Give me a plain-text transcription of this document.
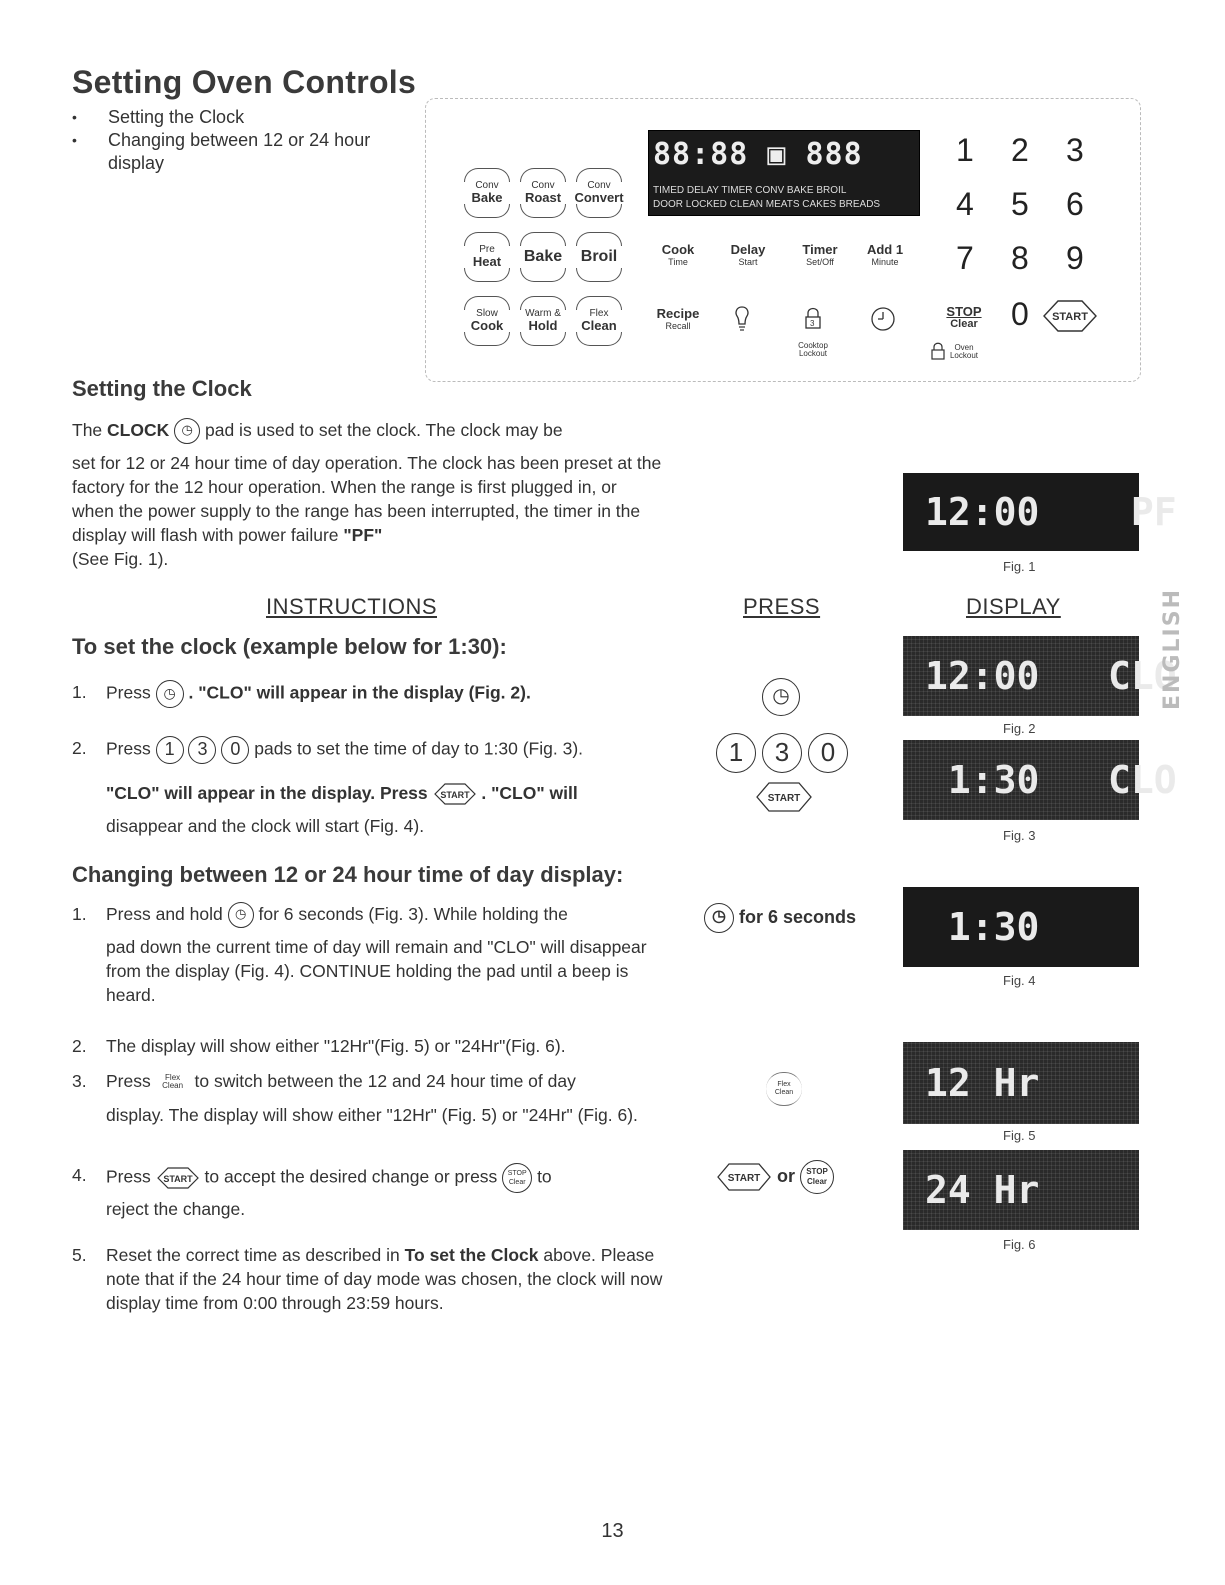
Setting Oven Controls
• Setting the Clock
• Changing between 12 or 24 hour display
Conv
Bake
Conv
Roast
Conv
Convert
Pre
Heat	Bake	Broil
Slow
Cook
Warm &
Hold
Flex
Clean
88:88 ▣ 888
TIMED DELAY TIMER CONV BAKE BROIL
DOOR LOCKED CLEAN MEATS CAKES BREADS
Cook
Time
Delay
Start
Timer
Set/Off
Add 1
Minute
Recipe
Recall	3
Cooktop Lockout
STOP
Clear
Oven Lockout
1 2 3
4 5 6
7 8 9
0 START
Setting the Clock
The CLOCK ◷ pad is used to set the clock. The clock may be
set for 12 or 24 hour time of day operation. The clock has been preset at the factory for the 12 hour operation. When the range is first plugged in, or when the power supply to the range has been interrupted, the timer in the display will flash with power failure "PF"
(See Fig. 1).
INSTRUCTIONS	PRESS	DISPLAY
To set the clock (example below for 1:30):
1. Press ◷ . "CLO" will appear in the display (Fig. 2).
2. Press 1 3 0 pads to set the time of day to 1:30 (Fig. 3).
"CLO" will appear in the display. Press START . "CLO" will
disappear and the clock will start (Fig. 4).
Changing between 12 or 24 hour time of day display:
1. Press and hold ◷ for 6 seconds (Fig. 3). While holding the
pad down the current time of day will remain and "CLO" will disappear from the display (Fig. 4). CONTINUE holding the pad until a beep is heard.
2. The display will show either "12Hr"(Fig. 5) or "24Hr"(Fig. 6).
3. Press Flex
Clean to switch between the 12 and 24 hour time of day
display. The display will show either "12Hr" (Fig. 5) or "24Hr" (Fig. 6).
4. Press START to accept the desired change or press STOP
Clear to
reject the change.
5. Reset the correct time as described in To set the Clock above. Please note that if the 24 hour time of day mode was chosen, the clock will now display time from 0:00 through 23:59 hours.
◷
1	3	0
START
◷ for 6 seconds
Flex
Clean
START or STOP
Clear
12:00    PF
Fig. 1
12:00   CLO
Fig. 2
1:30   CLO
Fig. 3
1:30
Fig. 4
12 Hr
Fig. 5
24 Hr
Fig. 6
ENGLISH
13
